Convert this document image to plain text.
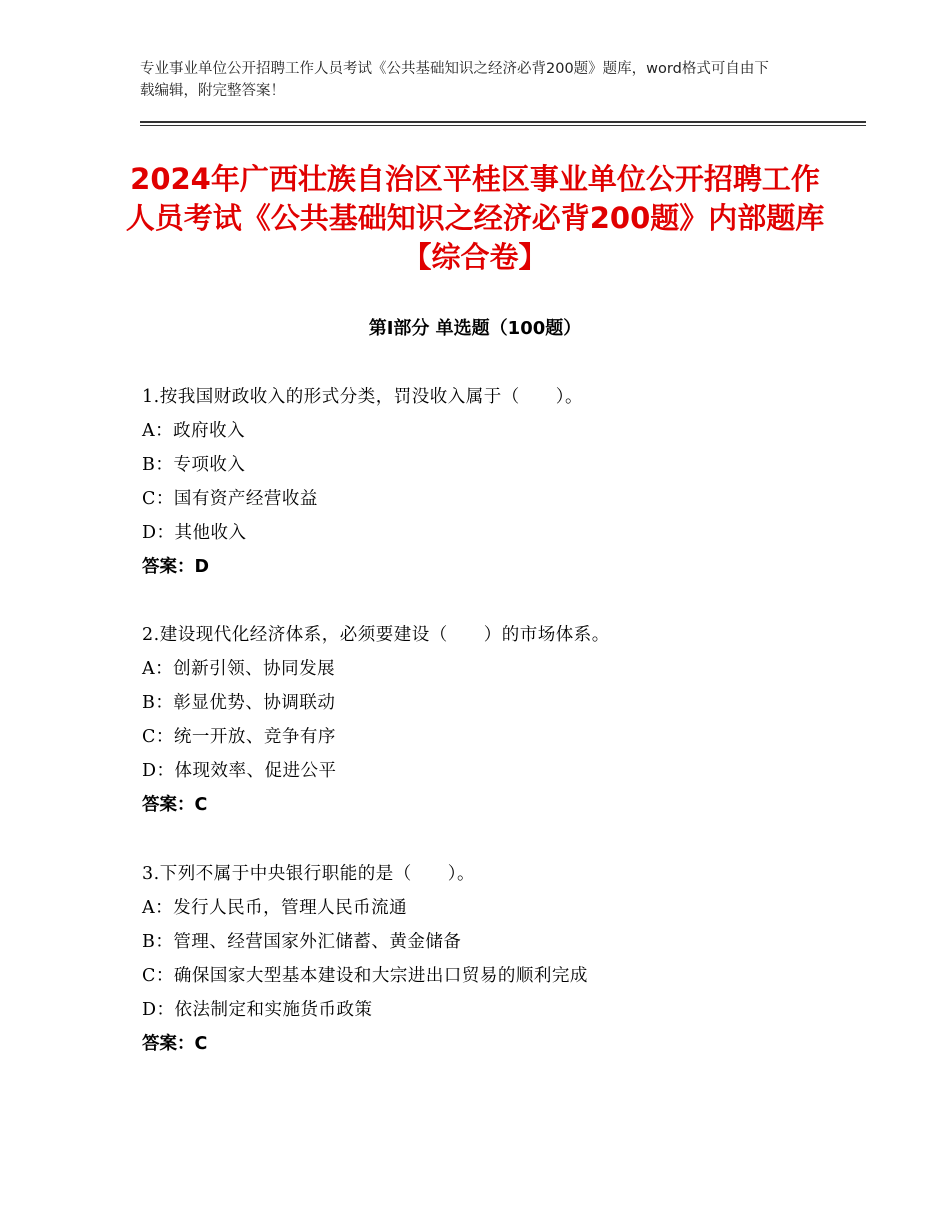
专业事业单位公开招聘工作人员考试《公共基础知识之经济必背200题》题库，word格式可自由下载编辑，附完整答案！
2024年广西壮族自治区平桂区事业单位公开招聘工作人员考试《公共基础知识之经济必背200题》内部题库【综合卷】
第I部分 单选题（100题）
1.按我国财政收入的形式分类，罚没收入属于（　　）。
A：政府收入
B：专项收入
C：国有资产经营收益
D：其他收入
答案：D
2.建设现代化经济体系，必须要建设（　　）的市场体系。
A：创新引领、协同发展
B：彰显优势、协调联动
C：统一开放、竞争有序
D：体现效率、促进公平
答案：C
3.下列不属于中央银行职能的是（　　）。
A：发行人民币，管理人民币流通
B：管理、经营国家外汇储蓄、黄金储备
C：确保国家大型基本建设和大宗进出口贸易的顺利完成
D：依法制定和实施货币政策
答案：C
